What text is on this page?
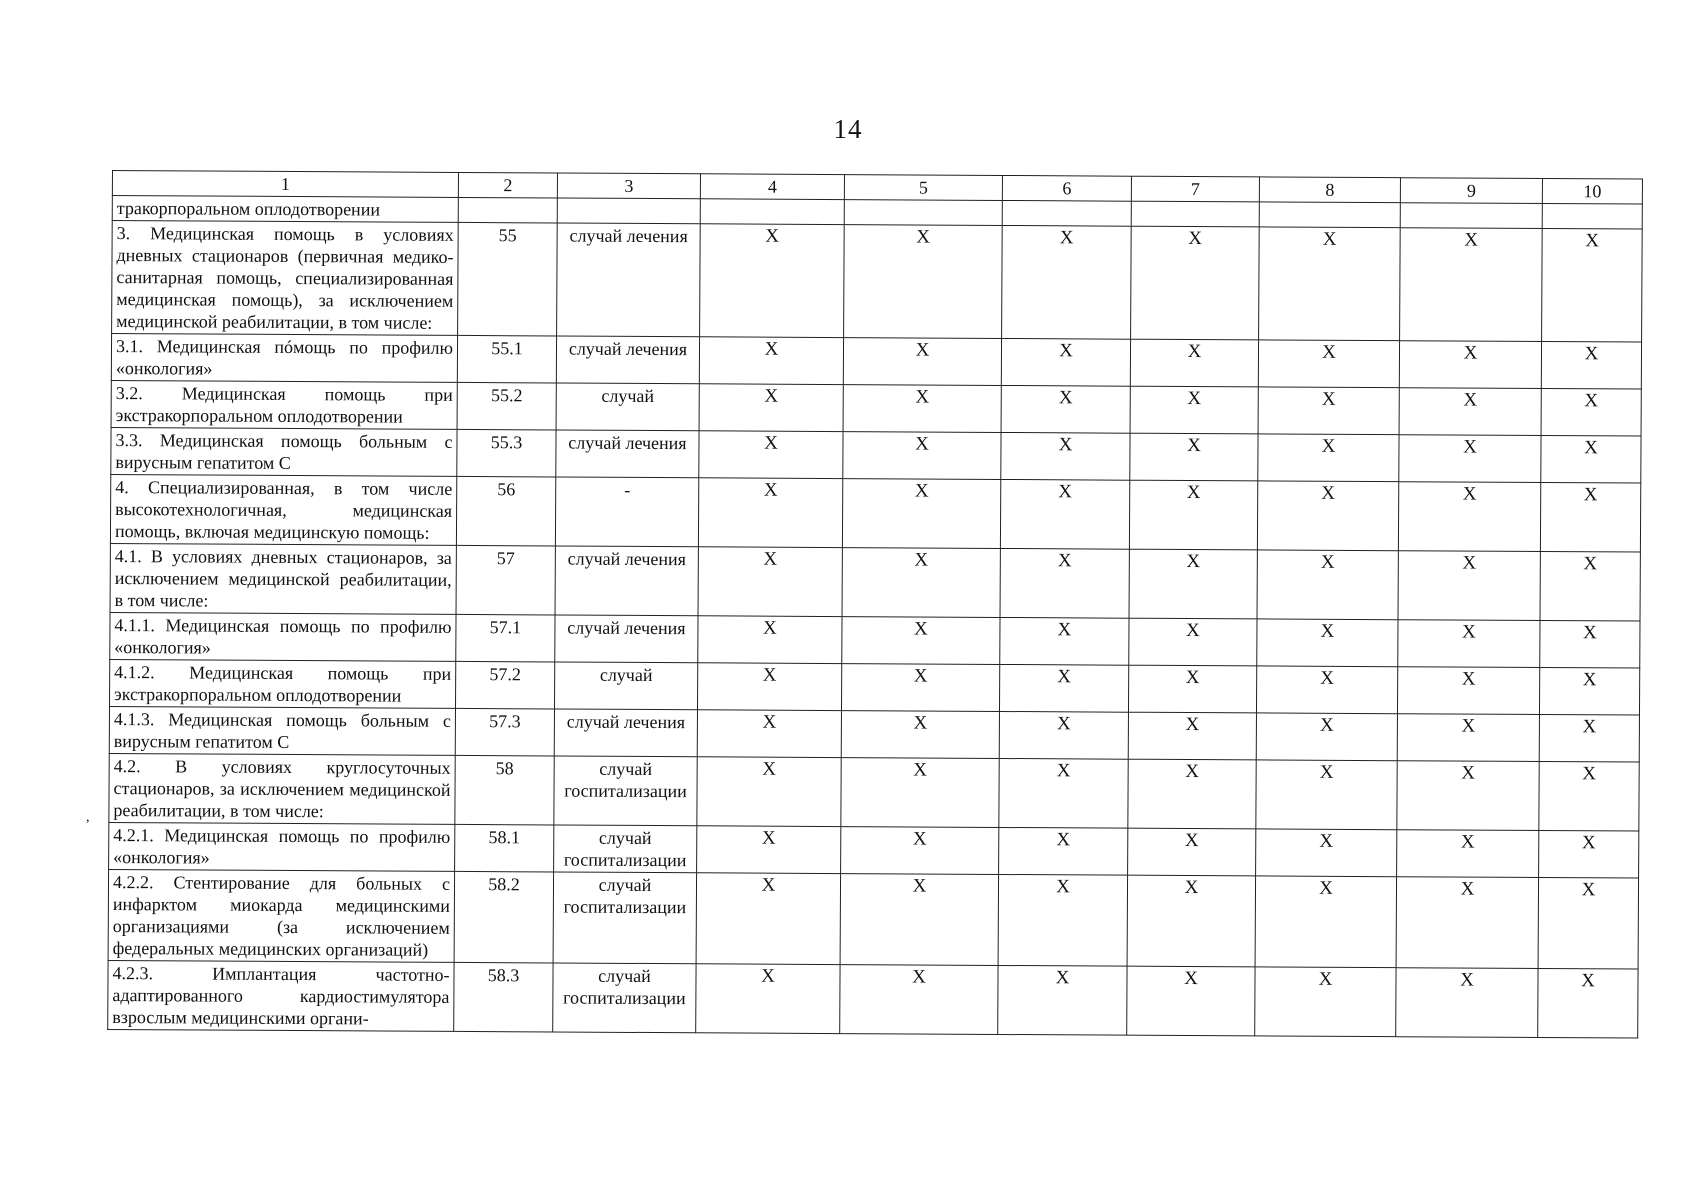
14
,
1	2	3	4	5	6	7	8	9	10
тракорпоральном оплодотворении									
3. Медицинская помощь в условиях дневных стационаров (первичная медико-санитарная помощь, специализированная медицинская помощь), за исключением медицинской реабилитации, в том числе:	55	случай лечения	X	X	X	X	X	X	X
3.1. Медицинская пóмощь по профилю «онкология»	55.1	случай лечения	X	X	X	X	X	X	X
3.2. Медицинская помощь при экстракорпоральном оплодотворении	55.2	случай	X	X	X	X	X	X	X
3.3. Медицинская помощь больным с вирусным гепатитом С	55.3	случай лечения	X	X	X	X	X	X	X
4. Специализированная, в том числе высокотехнологичная, медицинская помощь, включая медицинскую помощь:	56	-	X	X	X	X	X	X	X
4.1. В условиях дневных стационаров, за исключением медицинской реабилитации, в том числе:	57	случай лечения	X	X	X	X	X	X	X
4.1.1. Медицинская помощь по профилю «онкология»	57.1	случай лечения	X	X	X	X	X	X	X
4.1.2. Медицинская помощь при экстракорпоральном оплодотворении	57.2	случай	X	X	X	X	X	X	X
4.1.3. Медицинская помощь больным с вирусным гепатитом С	57.3	случай лечения	X	X	X	X	X	X	X
4.2. В условиях круглосуточных стационаров, за исключением медицинской реабилитации, в том числе:	58	случай госпитализации	X	X	X	X	X	X	X
4.2.1. Медицинская помощь по профилю «онкология»	58.1	случай госпитализации	X	X	X	X	X	X	X
4.2.2. Стентирование для больных с инфарктом миокарда медицинскими организациями (за исключением федеральных медицинских организаций)	58.2	случай госпитализации	X	X	X	X	X	X	X
4.2.3. Имплантация частотно-адаптированного кардиостимулятора взрослым медицинскими органи-	58.3	случай госпитализации	X	X	X	X	X	X	X
